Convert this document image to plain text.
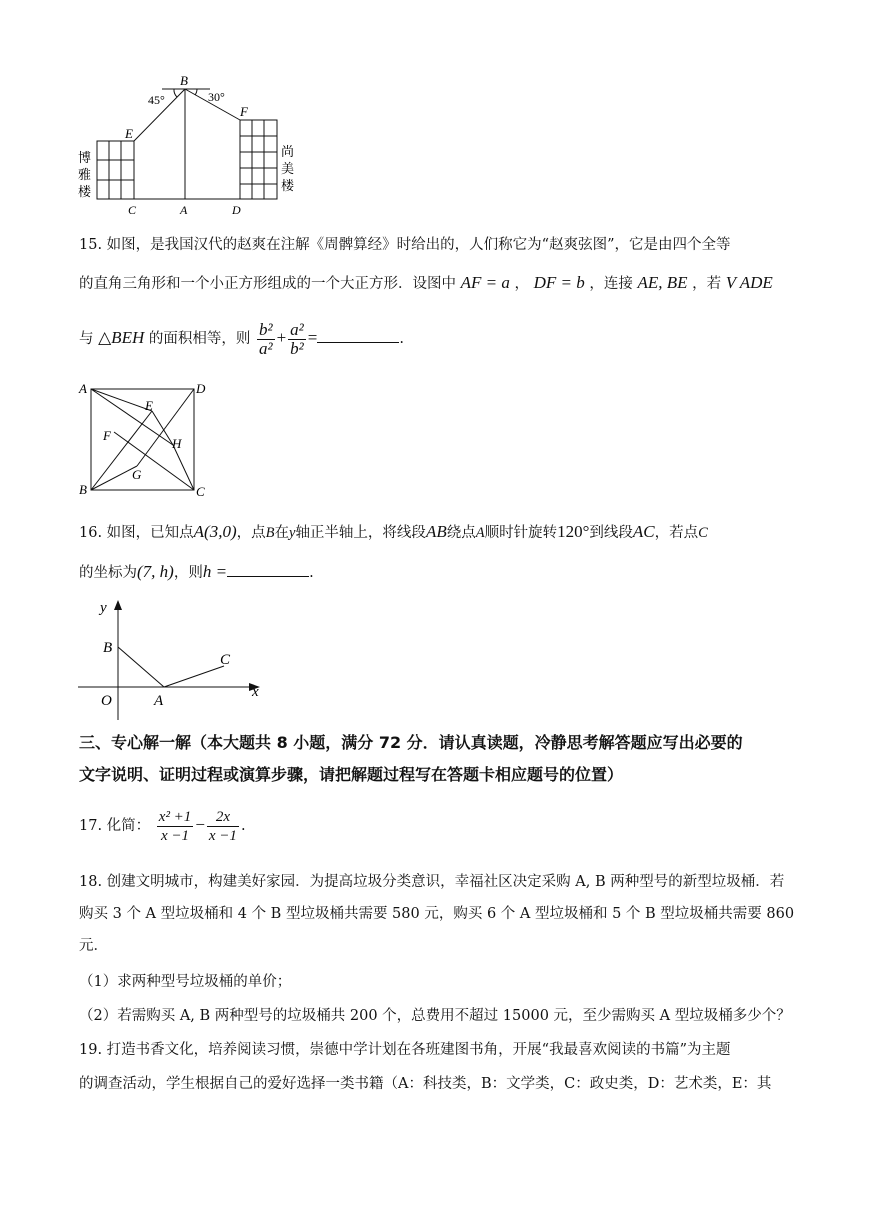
B
45°	30°
E
F
C	A	D
博
雅
楼
尚
美
楼
15. 如图，是我国汉代的赵爽在注解《周髀算经》时给出的，人们称它为“赵爽弦图”，它是由四个全等
的直角三角形和一个小正方形组成的一个大正方形．设图中 AF = a ， DF = b ，连接 AE, BE ，若 V ADE
与 △BEH 的面积相等，则 $\frac{\text{b²}}{\text{a²}} + \frac{\text{a²}}{\text{b²}}$ =	.
A	D
E
F
H
G
B	C
16. 如图，已知点A(3,0)，点B在y轴正半轴上，将线段AB绕点A顺时针旋转120°到线段AC，若点C
的坐标为(7, h)，则h =	.
y
x
B
C
O	A
三、专心解一解（本大题共 8 小题，满分 72 分．请认真读题，冷静思考解答题应写出必要的
文字说明、证明过程或演算步骤，请把解题过程写在答题卡相应题号的位置）
17. 化简： $\frac{\text{x² +1}}{x -1} - \frac{2x}{x -1}$ .
18. 创建文明城市，构建美好家园．为提高垃圾分类意识，幸福社区决定采购 A, B 两种型号的新型垃圾桶．若
购买 3 个 A 型垃圾桶和 4 个 B 型垃圾桶共需要 580 元，购买 6 个 A 型垃圾桶和 5 个 B 型垃圾桶共需要 860
元．
（1）求两种型号垃圾桶的单价；
（2）若需购买 A, B 两种型号的垃圾桶共 200 个，总费用不超过 15000 元，至少需购买 A 型垃圾桶多少个？
19. 打造书香文化，培养阅读习惯，崇德中学计划在各班建图书角，开展“我最喜欢阅读的书篇”为主题
的调查活动，学生根据自己的爱好选择一类书籍（A：科技类，B：文学类，C：政史类，D：艺术类，E：其
